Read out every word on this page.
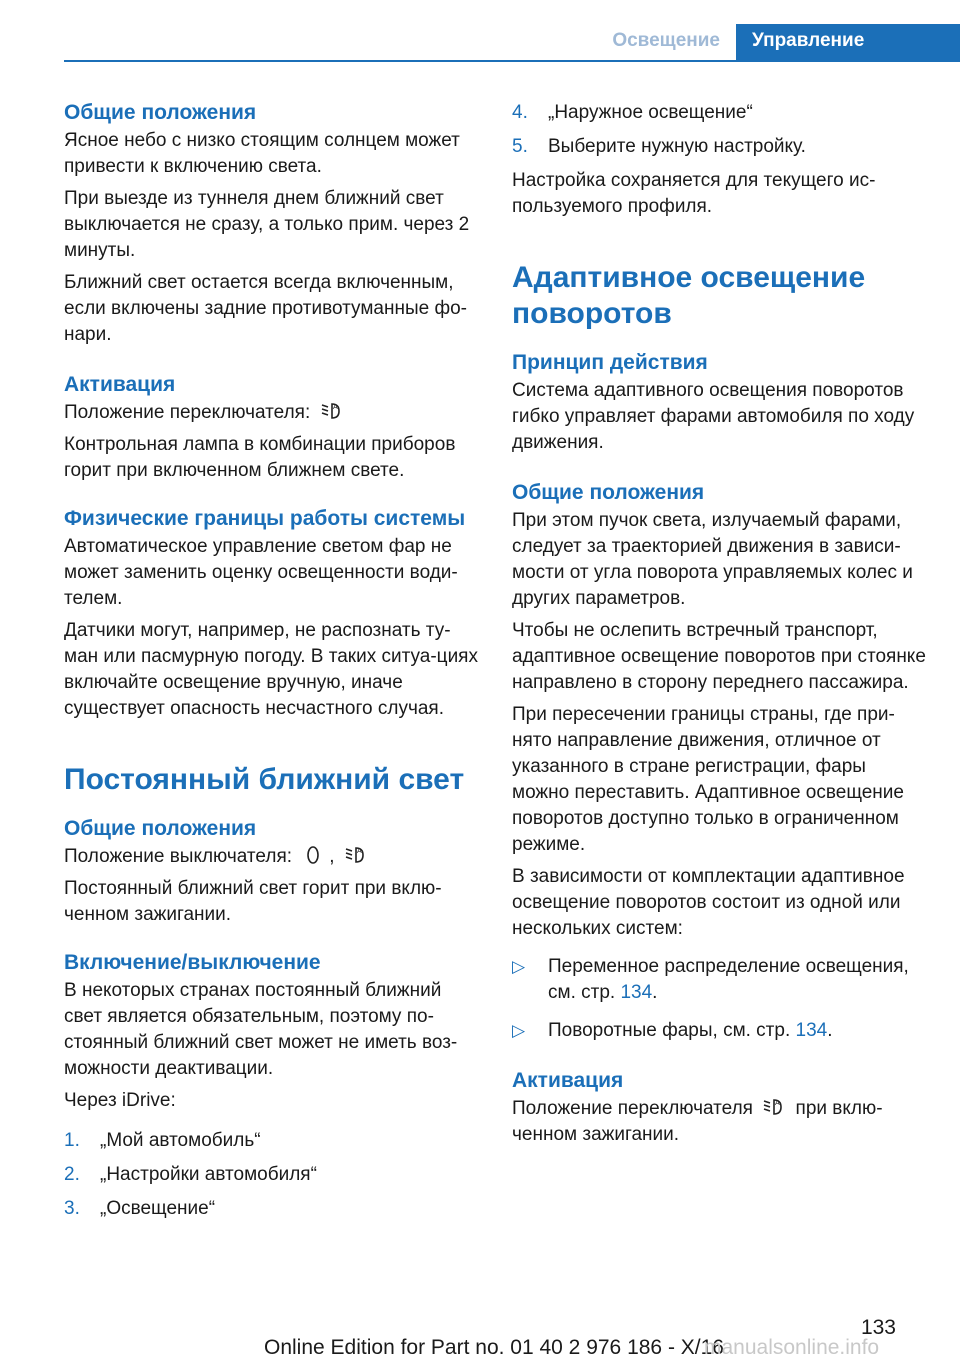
Освещение	Управление
Общие положения

Ясное небо с низко стоящим солнцем может привести к включению света.

При выезде из туннеля днем ближний свет выключается не сразу, а только прим. через 2 минуты.

Ближний свет остается всегда включенным, если включены задние противотуманные фо‐нари.

Активация

Положение переключателя:	A

Контрольная лампа в комбинации приборов горит при включенном ближнем свете.

Физические границы работы системы

Автоматическое управление светом фар не может заменить оценку освещенности води‐телем.

Датчики могут, например, не распознать ту‐ман или пасмурную погоду. В таких ситуа‐циях включайте освещение вручную, иначе существует опасность несчастного случая.

Постоянный ближний свет
Общие положения

Положение выключателя: ,	A

Постоянный ближний свет горит при вклю‐ченном зажигании.

Включение/выключение

В некоторых странах постоянный ближний свет является обязательным, поэтому по‐стоянный ближний свет может не иметь воз‐можности деактивации.

Через iDrive:

1. „Мой автомобиль“
2. „Настройки автомобиля“
3. „Освещение“
4. „Наружное освещение“
5. Выберите нужную настройку.

Настройка сохраняется для текущего ис‐пользуемого профиля.

Адаптивное освещение поворотов
Принцип действия

Система адаптивного освещения поворотов гибко управляет фарами автомобиля по ходу движения.

Общие положения

При этом пучок света, излучаемый фарами, следует за траекторией движения в зависи‐мости от угла поворота управляемых колес и других параметров.

Чтобы не ослепить встречный транспорт, адаптивное освещение поворотов при стоянке направлено в сторону переднего пассажира.

При пересечении границы страны, где при‐нято направление движения, отличное от указанного в стране регистрации, фары можно переставить. Адаптивное освещение поворотов доступно только в ограниченном режиме.

В зависимости от комплектации адаптивное освещение поворотов состоит из одной или нескольких систем:

▷ Переменное распределение освещения, см. стр. 134.
▷ Поворотные фары, см. стр. 134.
Активация

Положение переключателя	A при вклю‐ченном зажигании.

133
Online Edition for Part no. 01 40 2 976 186 - X/16
manualsonline.info
